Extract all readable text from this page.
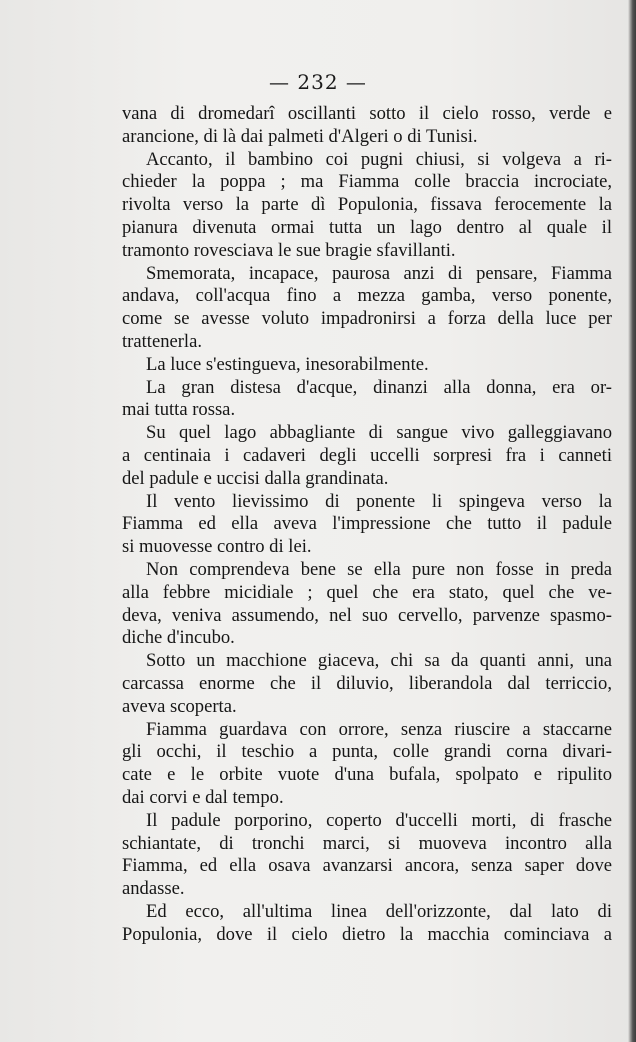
— 232 —

vana di dromedarî oscillanti sotto il cielo rosso, verde e
arancione, di là dai palmeti d'Algeri o di Tunisi.

Accanto, il bambino coi pugni chiusi, si volgeva a ri-
chieder la poppa ; ma Fiamma colle braccia incrociate,
rivolta verso la parte dì Populonia, fissava ferocemente la
pianura divenuta ormai tutta un lago dentro al quale il
tramonto rovesciava le sue bragie sfavillanti.

Smemorata, incapace, paurosa anzi di pensare, Fiamma
andava, coll'acqua fino a mezza gamba, verso ponente,
come se avesse voluto impadronirsi a forza della luce per
trattenerla.

La luce s'estingueva, inesorabilmente.

La gran distesa d'acque, dinanzi alla donna, era or-
mai tutta rossa.

Su quel lago abbagliante di sangue vivo galleggiavano
a centinaia i cadaveri degli uccelli sorpresi fra i canneti
del padule e uccisi dalla grandinata.

Il vento lievissimo di ponente li spingeva verso la
Fiamma ed ella aveva l'impressione che tutto il padule
si muovesse contro di lei.

Non comprendeva bene se ella pure non fosse in preda
alla febbre micidiale ; quel che era stato, quel che ve-
deva, veniva assumendo, nel suo cervello, parvenze spasmo-
diche d'incubo.

Sotto un macchione giaceva, chi sa da quanti anni, una
carcassa enorme che il diluvio, liberandola dal terriccio,
aveva scoperta.

Fiamma guardava con orrore, senza riuscire a staccarne
gli occhi, il teschio a punta, colle grandi corna divari-
cate e le orbite vuote d'una bufala, spolpato e ripulito
dai corvi e dal tempo.

Il padule porporino, coperto d'uccelli morti, di frasche
schiantate, di tronchi marci, si muoveva incontro alla
Fiamma, ed ella osava avanzarsi ancora, senza saper dove
andasse.

Ed ecco, all'ultima linea dell'orizzonte, dal lato di
Populonia, dove il cielo dietro la macchia cominciava a
